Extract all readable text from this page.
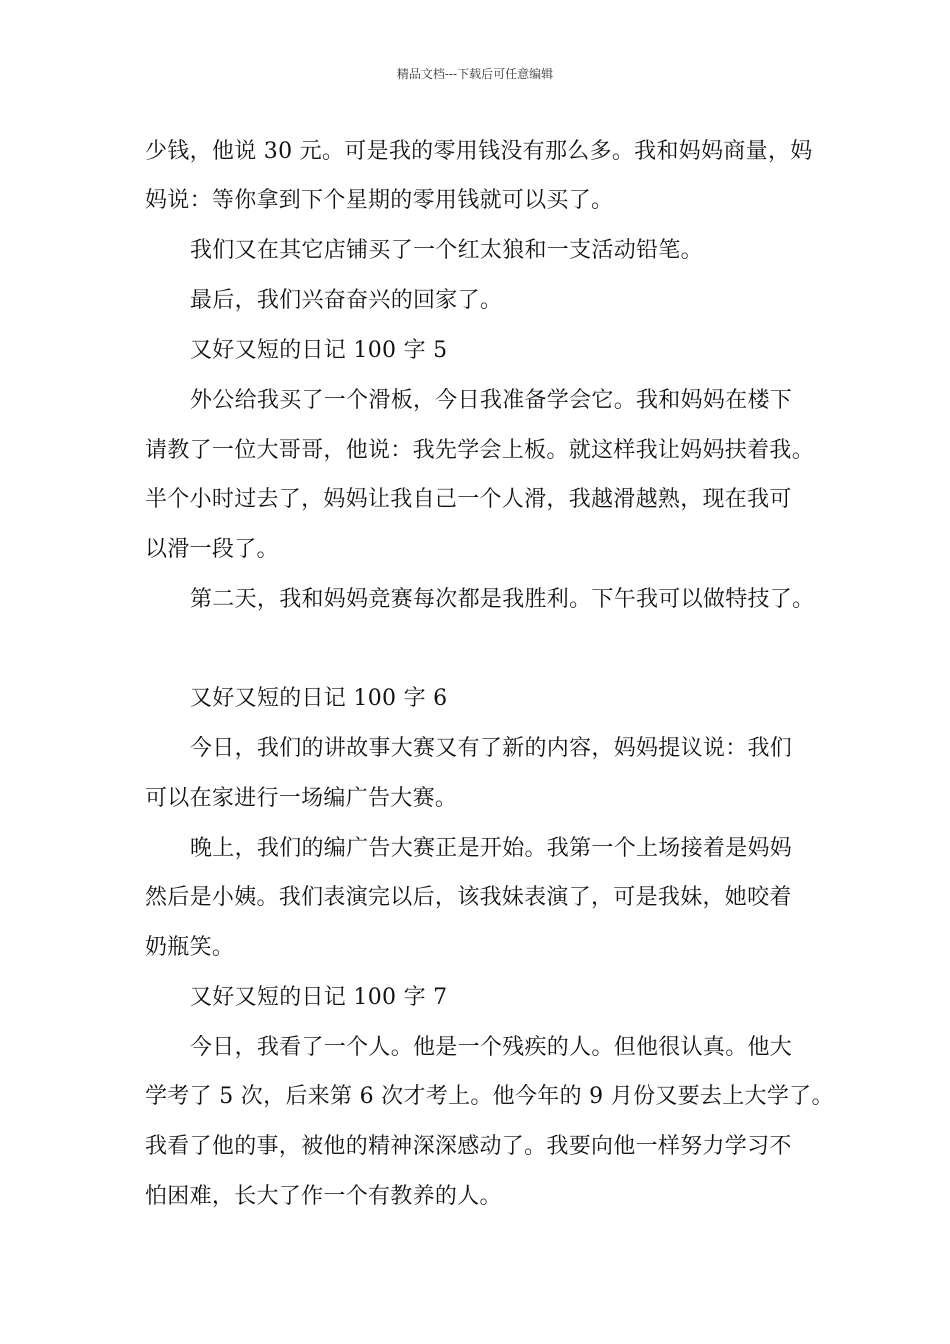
精品文档---下载后可任意编辑
少钱，他说 30 元。可是我的零用钱没有那么多。我和妈妈商量，妈
妈说：等你拿到下个星期的零用钱就可以买了。
我们又在其它店铺买了一个红太狼和一支活动铅笔。
最后，我们兴奋奋兴的回家了。
又好又短的日记 100 字 5
外公给我买了一个滑板，今日我准备学会它。我和妈妈在楼下
请教了一位大哥哥，他说：我先学会上板。就这样我让妈妈扶着我。
半个小时过去了，妈妈让我自己一个人滑，我越滑越熟，现在我可
以滑一段了。
第二天，我和妈妈竞赛每次都是我胜利。下午我可以做特技了。
又好又短的日记 100 字 6
今日，我们的讲故事大赛又有了新的内容，妈妈提议说：我们
可以在家进行一场编广告大赛。
晚上，我们的编广告大赛正是开始。我第一个上场接着是妈妈
然后是小姨。我们表演完以后，该我妹表演了，可是我妹，她咬着
奶瓶笑。
又好又短的日记 100 字 7
今日，我看了一个人。他是一个残疾的人。但他很认真。他大
学考了 5 次，后来第 6 次才考上。他今年的 9 月份又要去上大学了。
我看了他的事，被他的精神深深感动了。我要向他一样努力学习不
怕困难，长大了作一个有教养的人。
